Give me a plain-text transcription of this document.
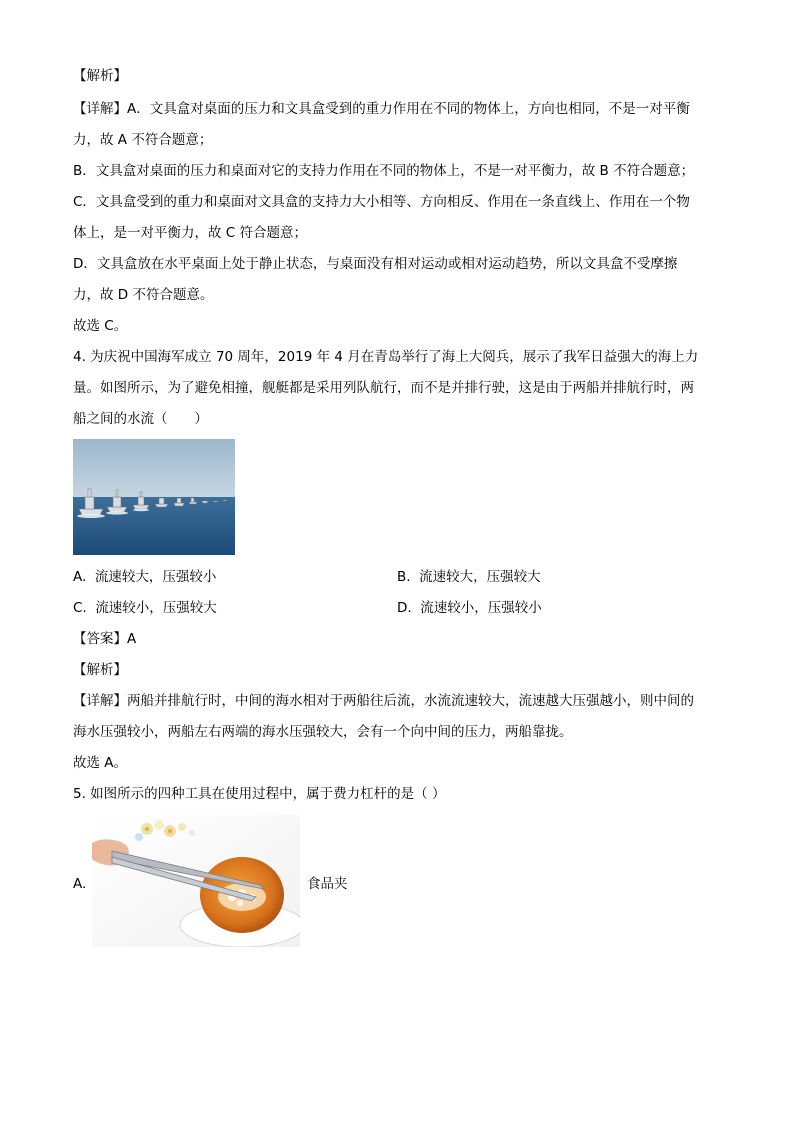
【解析】
【详解】A．文具盒对桌面的压力和文具盒受到的重力作用在不同的物体上，方向也相同，不是一对平衡
力，故 A 不符合题意；
B．文具盒对桌面的压力和桌面对它的支持力作用在不同的物体上，不是一对平衡力，故 B 不符合题意；
C．文具盒受到的重力和桌面对文具盒的支持力大小相等、方向相反、作用在一条直线上、作用在一个物
体上，是一对平衡力，故 C 符合题意；
D．文具盒放在水平桌面上处于静止状态，与桌面没有相对运动或相对运动趋势，所以文具盒不受摩擦
力，故 D 不符合题意。
故选 C。
4. 为庆祝中国海军成立 70 周年，2019 年 4 月在青岛举行了海上大阅兵，展示了我军日益强大的海上力
量。如图所示，为了避免相撞，舰艇都是采用列队航行，而不是并排行驶，这是由于两船并排航行时，两
船之间的水流（　　）
A. 流速较大，压强较小	B. 流速较大，压强较大
C. 流速较小，压强较大	D. 流速较小，压强较小
【答案】A
【解析】
【详解】两船并排航行时，中间的海水相对于两船往后流，水流流速较大，流速越大压强越小，则中间的
海水压强较小，两船左右两端的海水压强较大，会有一个向中间的压力，两船靠拢。
故选 A。
5. 如图所示的四种工具在使用过程中，属于费力杠杆的是（ ）
A.	食品夹
